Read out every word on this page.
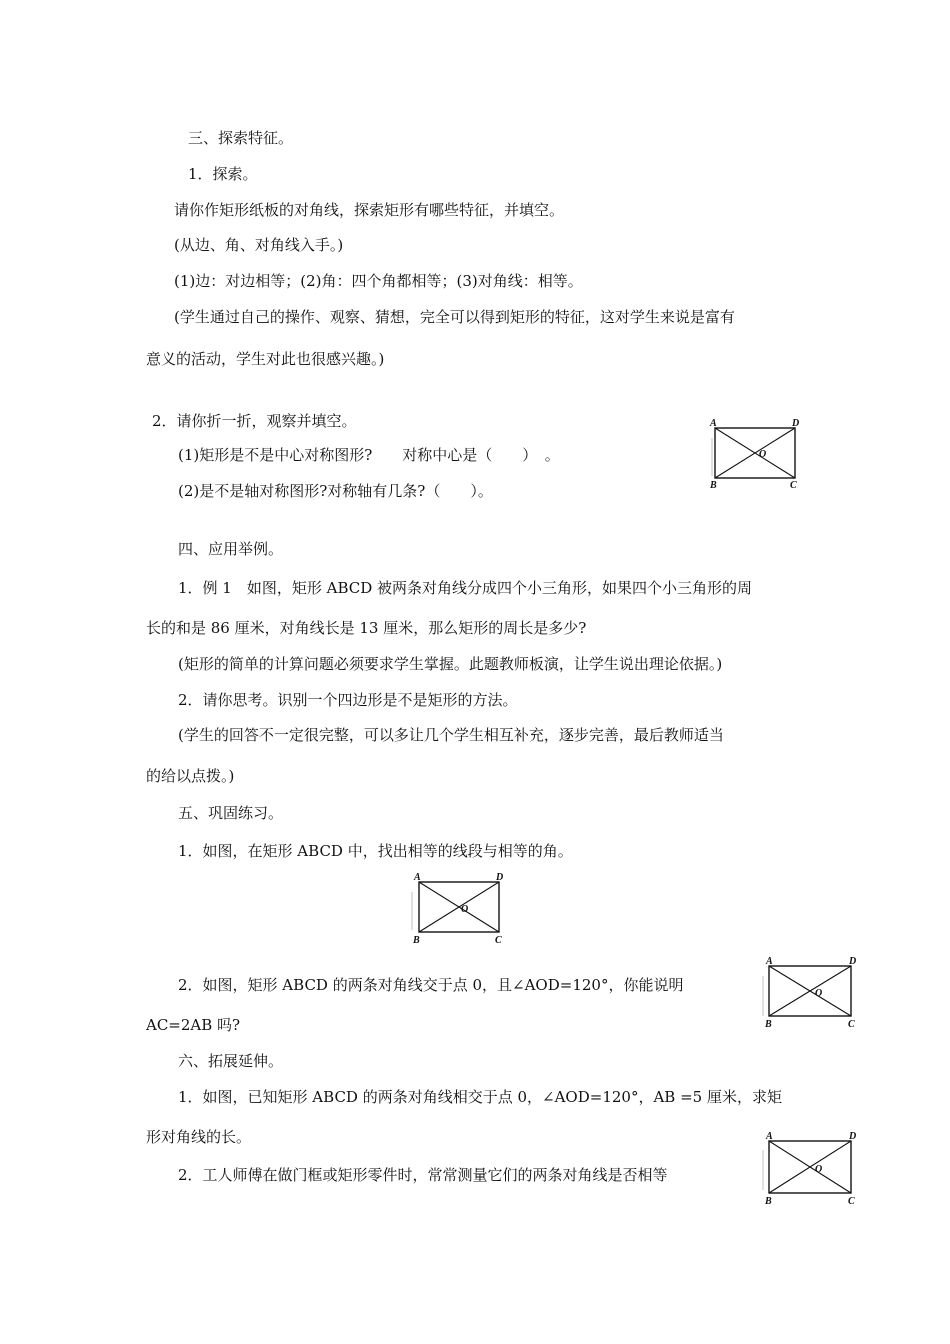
三、探索特征。
1．探索。
请你作矩形纸板的对角线，探索矩形有哪些特征，并填空。
(从边、角、对角线入手。)
(1)边：对边相等；(2)角：四个角都相等；(3)对角线：相等。
(学生通过自己的操作、观察、猜想，完全可以得到矩形的特征，这对学生来说是富有
意义的活动，学生对此也很感兴趣。)
2．请你折一折，观察并填空。
(1)矩形是不是中心对称图形?　　对称中心是（　　）　。
(2)是不是轴对称图形?对称轴有几条?（　　）。
四、应用举例。
1．例 1　如图，矩形 ABCD 被两条对角线分成四个小三角形，如果四个小三角形的周
长的和是 86 厘米，对角线长是 13 厘米，那么矩形的周长是多少?
(矩形的简单的计算问题必须要求学生掌握。此题教师板演，让学生说出理论依据。)
2．请你思考。识别一个四边形是不是矩形的方法。
(学生的回答不一定很完整，可以多让几个学生相互补充，逐步完善，最后教师适当
的给以点拨。)
五、巩固练习。
1．如图，在矩形 ABCD 中，找出相等的线段与相等的角。
2．如图，矩形 ABCD 的两条对角线交于点 0，且∠AOD=120°，你能说明
AC=2AB 吗?
六、拓展延伸。
1．如图，已知矩形 ABCD 的两条对角线相交于点 0，∠AOD=120°，AB =5 厘米，求矩
形对角线的长。
2．工人师傅在做门框或矩形零件时，常常测量它们的两条对角线是否相等
A	D
B	C
O
A	D
B	C
O
A	D
B	C
O
A	D
B	C
O
